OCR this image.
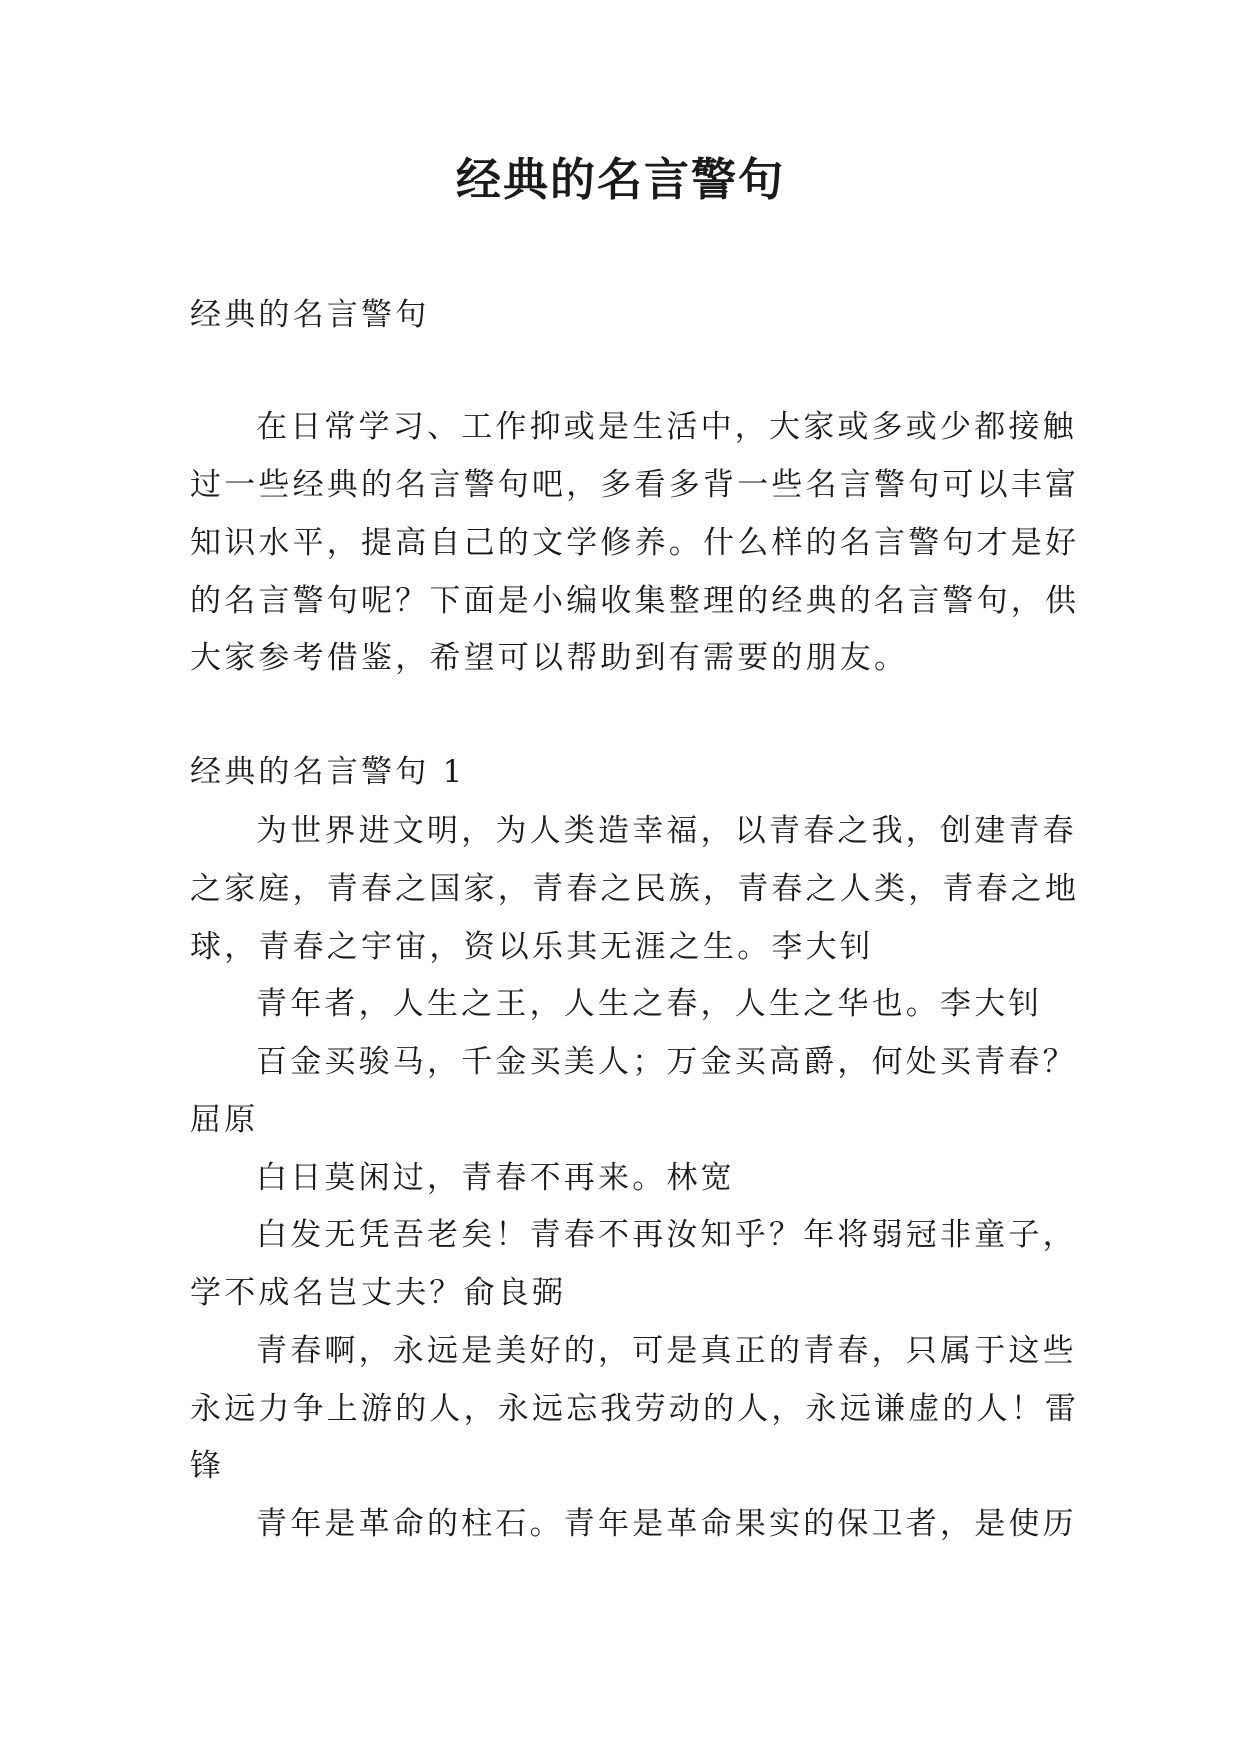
经典的名言警句
经典的名言警句
在日常学习、工作抑或是生活中，大家或多或少都接触
过一些经典的名言警句吧，多看多背一些名言警句可以丰富
知识水平，提高自己的文学修养。什么样的名言警句才是好
的名言警句呢？下面是小编收集整理的经典的名言警句，供
大家参考借鉴，希望可以帮助到有需要的朋友。
经典的名言警句 1
为世界进文明，为人类造幸福，以青春之我，创建青春
之家庭，青春之国家，青春之民族，青春之人类，青春之地
球，青春之宇宙，资以乐其无涯之生。李大钊
青年者，人生之王，人生之春，人生之华也。李大钊
百金买骏马，千金买美人；万金买高爵，何处买青春？
屈原
白日莫闲过，青春不再来。林宽
白发无凭吾老矣！青春不再汝知乎？年将弱冠非童子，
学不成名岂丈夫？俞良弼
青春啊，永远是美好的，可是真正的青春，只属于这些
永远力争上游的人，永远忘我劳动的人，永远谦虚的人！雷
锋
青年是革命的柱石。青年是革命果实的保卫者，是使历
